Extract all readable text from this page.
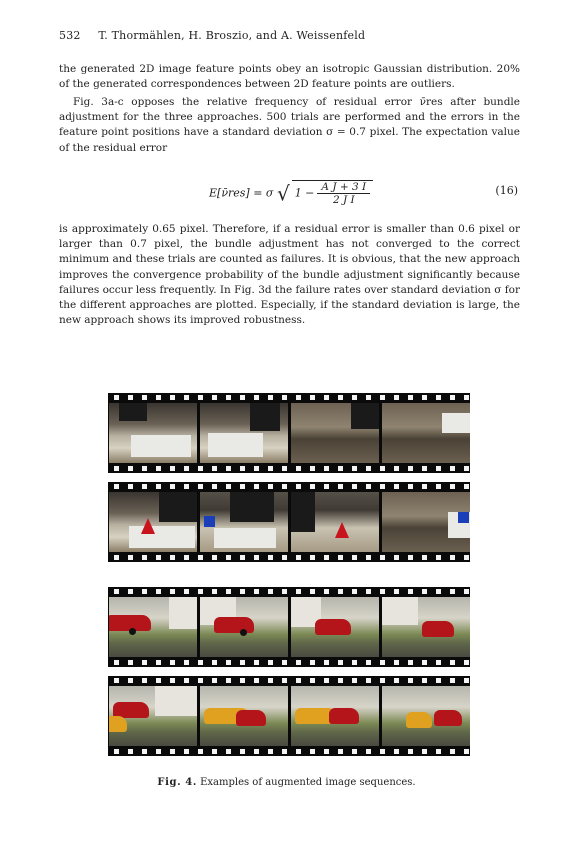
532 T. Thormählen, H. Broszio, and A. Weissenfeld

the generated 2D image feature points obey an isotropic Gaussian distribution. 20% of the generated correspondences between 2D feature points are outliers.

Fig. 3a-c opposes the relative frequency of residual error ν̄res after bundle adjustment for the three approaches. 500 trials are performed and the errors in the feature point positions have a standard deviation σ = 0.7 pixel. The expectation value of the residual error

E[ν̄res] = σ √ $1 - \frac{\text{A J + 3 I}}{\text{2 J I}}$	(16)

is approximately 0.65 pixel. Therefore, if a residual error is smaller than 0.6 pixel or larger than 0.7 pixel, the bundle adjustment has not converged to the correct minimum and these trials are counted as failures. It is obvious, that the new approach improves the convergence probability of the bundle adjustment significantly because failures occur less frequently. In Fig. 3d the failure rates over standard deviation σ for the different approaches are plotted. Especially, if the standard deviation is large, the new approach shows its improved robustness.

Fig. 4. Examples of augmented image sequences.
